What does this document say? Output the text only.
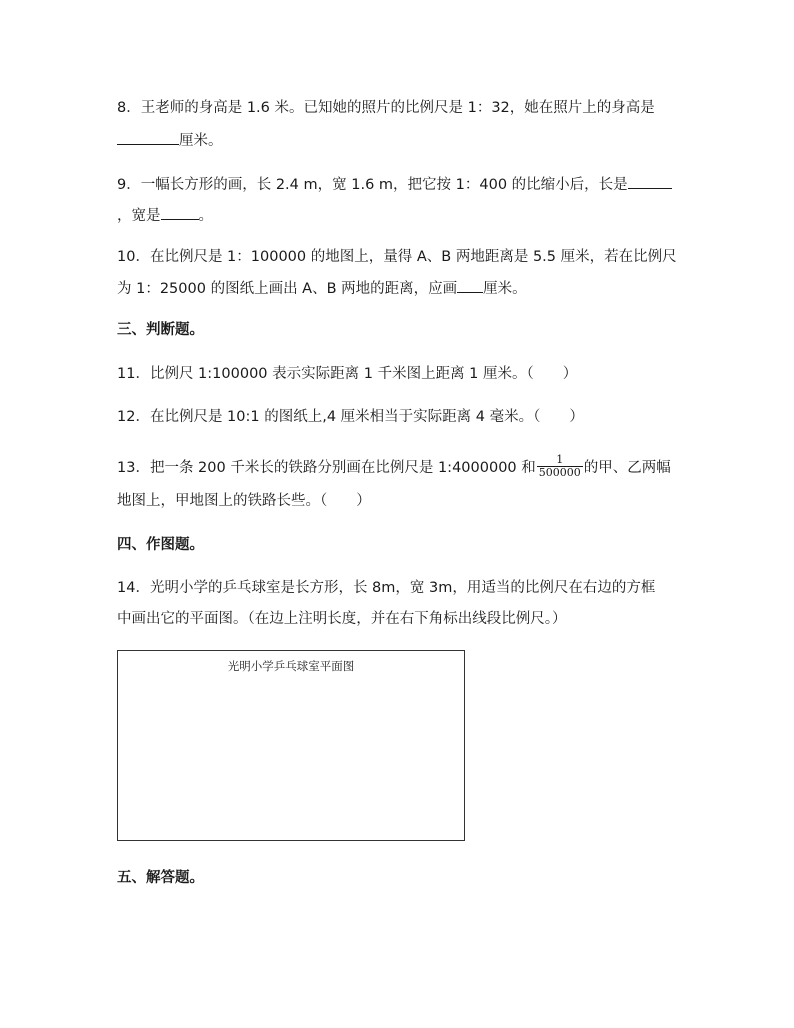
8．王老师的身高是 1.6 米。已知她的照片的比例尺是 1：32，她在照片上的身高是
厘米。
9．一幅长方形的画，长 2.4 m，宽 1.6 m，把它按 1：400 的比缩小后，长是
，宽是	。
10．在比例尺是 1：100000 的地图上，量得 A、B 两地距离是 5.5 厘米，若在比例尺
为 1：25000 的图纸上画出 A、B 两地的距离，应画 厘米。
三、判断题。
11．比例尺 1:100000 表示实际距离 1 千米图上距离 1 厘米。（　　）
12．在比例尺是 10:1 的图纸上,4 厘米相当于实际距离 4 毫米。（　　）
13．把一条 200 千米长的铁路分别画在比例尺是 1:4000000 和 $\frac{1}{500000}$ 的甲、乙两幅
地图上，甲地图上的铁路长些。（　　）
四、作图题。
14．光明小学的乒乓球室是长方形，长 8m，宽 3m，用适当的比例尺在右边的方框
中画出它的平面图。（在边上注明长度，并在右下角标出线段比例尺。）
光明小学乒乓球室平面图
五、解答题。
